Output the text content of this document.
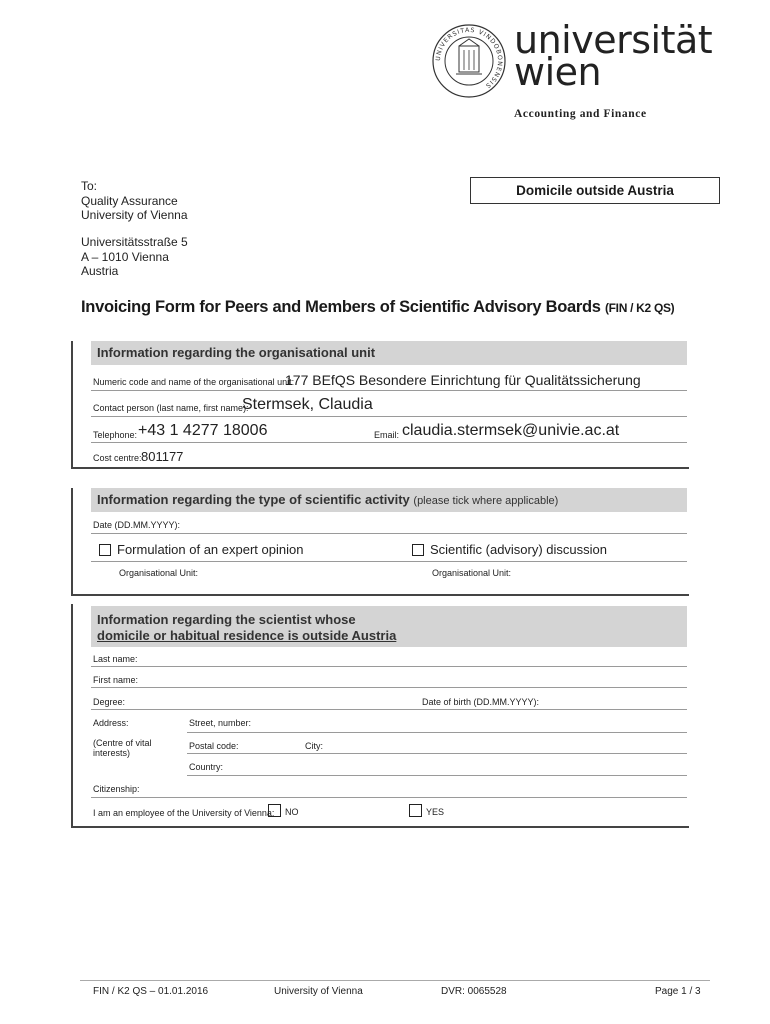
UNIVERSITAS VINDOBONENSIS
universität
wien
Accounting and Finance
To:
Quality Assurance
University of Vienna
Universitätsstraße 5
A – 1010 Vienna
Austria
Domicile outside Austria
Invoicing Form for Peers and Members of Scientific Advisory Boards (FIN / K2 QS)
Information regarding the organisational unit
Numeric code and name of the organisational unit:
177 BEfQS Besondere Einrichtung für Qualitätssicherung
Contact person (last name, first name):
Stermsek, Claudia
Telephone: +43 1 4277 18006	Email: claudia.stermsek@univie.ac.at
Cost centre: 801177
Information regarding the type of scientific activity (please tick where applicable)
Date (DD.MM.YYYY):
Formulation of an expert opinion	Scientific (advisory) discussion
Organisational Unit:	Organisational Unit:
Information regarding the scientist whose
domicile or habitual residence is outside Austria
Last name:
First name:
Degree:	Date of birth (DD.MM.YYYY):
Address:
(Centre of vital
interests)
Street, number:
Postal code:	City:
Country:
Citizenship:
I am an employee of the University of Vienna:	NO	YES
FIN / K2 QS – 01.01.2016	University of Vienna	DVR: 0065528	Page 1 / 3
